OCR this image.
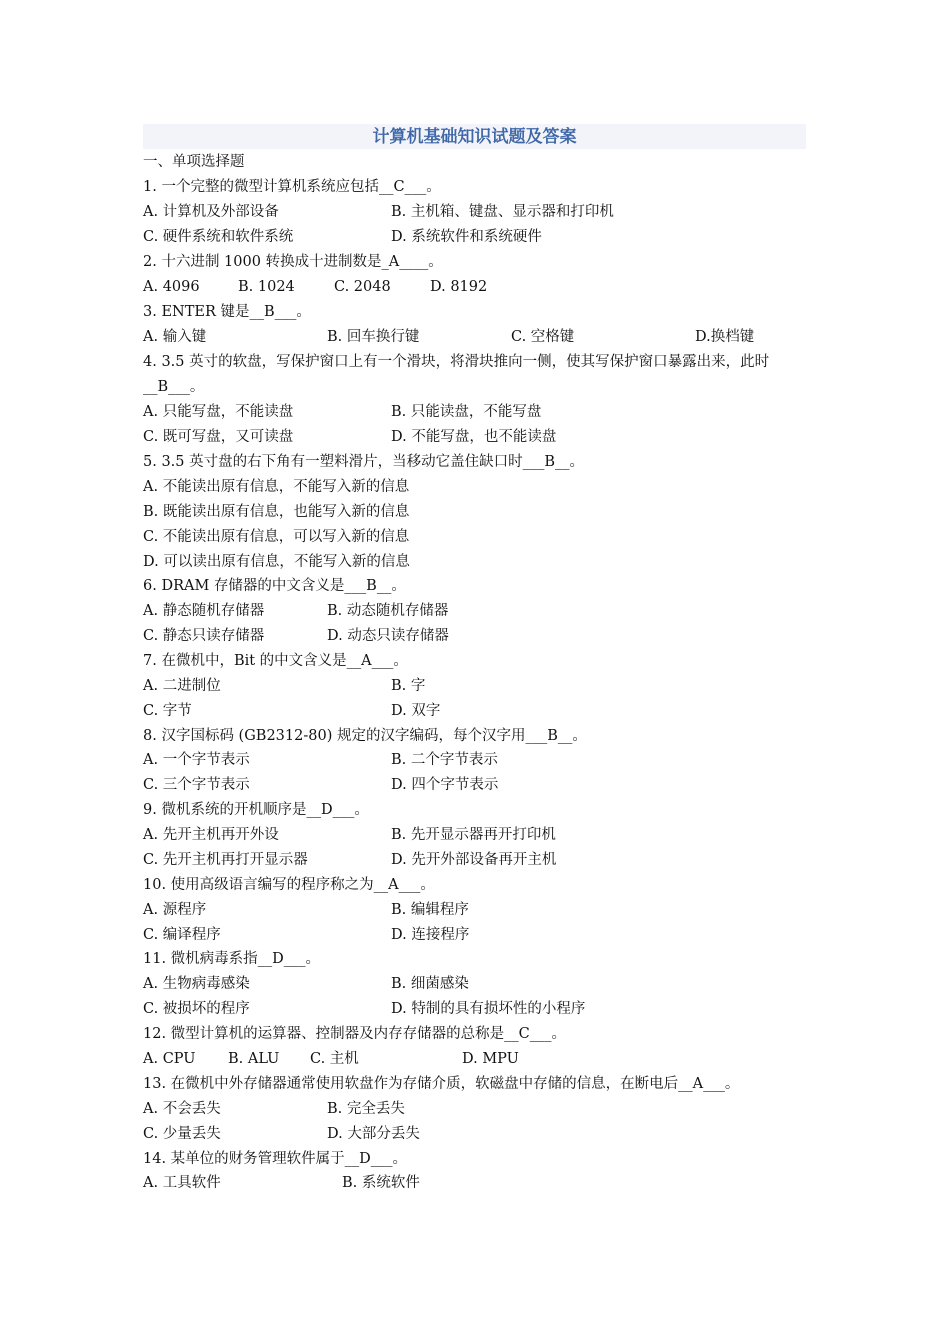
计算机基础知识试题及答案
一、单项选择题
1. 一个完整的微型计算机系统应包括__C___。
A. 计算机及外部设备	B. 主机箱、键盘、显示器和打印机
C. 硬件系统和软件系统	D. 系统软件和系统硬件
2. 十六进制 1000 转换成十进制数是_A____。
A. 4096	B. 1024	C. 2048	D. 8192
3. ENTER 键是__B___。
A. 输入键	B. 回车换行键	C. 空格键	D.换档键
4. 3.5 英寸的软盘，写保护窗口上有一个滑块，将滑块推向一侧，使其写保护窗口暴露出来，此时
__B___。
A. 只能写盘，不能读盘	B. 只能读盘，不能写盘
C. 既可写盘，又可读盘	D. 不能写盘，也不能读盘
5. 3.5 英寸盘的右下角有一塑料滑片，当移动它盖住缺口时___B__。
A. 不能读出原有信息，不能写入新的信息
B. 既能读出原有信息，也能写入新的信息
C. 不能读出原有信息，可以写入新的信息
D. 可以读出原有信息，不能写入新的信息
6. DRAM 存储器的中文含义是___B__。
A. 静态随机存储器	B. 动态随机存储器
C. 静态只读存储器	D. 动态只读存储器
7. 在微机中，Bit 的中文含义是__A___。
A. 二进制位	B. 字
C. 字节	D. 双字
8. 汉字国标码 (GB2312-80) 规定的汉字编码，每个汉字用___B__。
A. 一个字节表示	B. 二个字节表示
C. 三个字节表示	D. 四个字节表示
9. 微机系统的开机顺序是__D___。
A. 先开主机再开外设	B. 先开显示器再开打印机
C. 先开主机再打开显示器	D. 先开外部设备再开主机
10. 使用高级语言编写的程序称之为__A___。
A. 源程序	B. 编辑程序
C. 编译程序	D. 连接程序
11. 微机病毒系指__D___。
A. 生物病毒感染	B. 细菌感染
C. 被损坏的程序	D. 特制的具有损坏性的小程序
12. 微型计算机的运算器、控制器及内存存储器的总称是__C___。
A. CPU B. ALU C. 主机	D. MPU
13. 在微机中外存储器通常使用软盘作为存储介质，软磁盘中存储的信息，在断电后__A___。
A. 不会丢失	B. 完全丢失
C. 少量丢失	D. 大部分丢失
14. 某单位的财务管理软件属于__D___。
A. 工具软件	B. 系统软件
